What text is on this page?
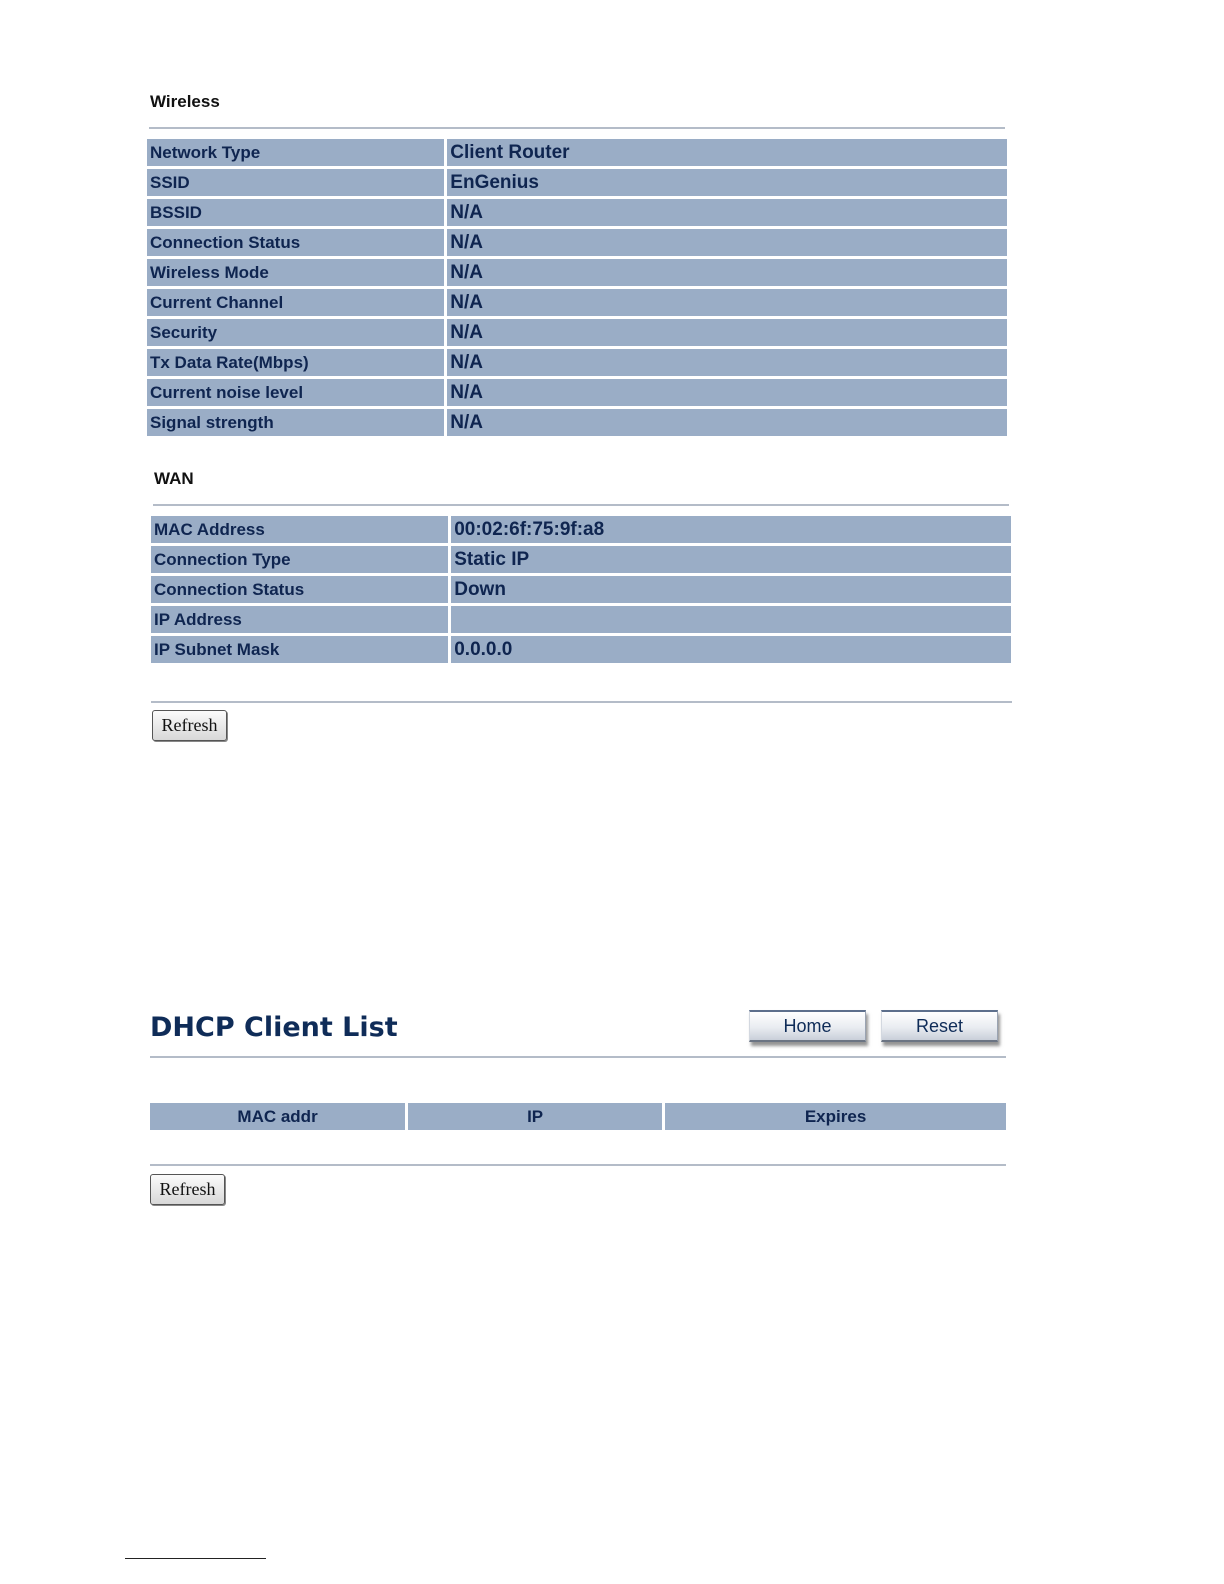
Wireless
Network Type	Client Router
SSID	EnGenius
BSSID	N/A
Connection Status	N/A
Wireless Mode	N/A
Current Channel	N/A
Security	N/A
Tx Data Rate(Mbps)	N/A
Current noise level	N/A
Signal strength	N/A
WAN
MAC Address	00:02:6f:75:9f:a8
Connection Type	Static IP
Connection Status	Down
IP Address	
IP Subnet Mask	0.0.0.0
Refresh
DHCP Client List	Home	Reset
MAC addr	IP	Expires
Refresh
